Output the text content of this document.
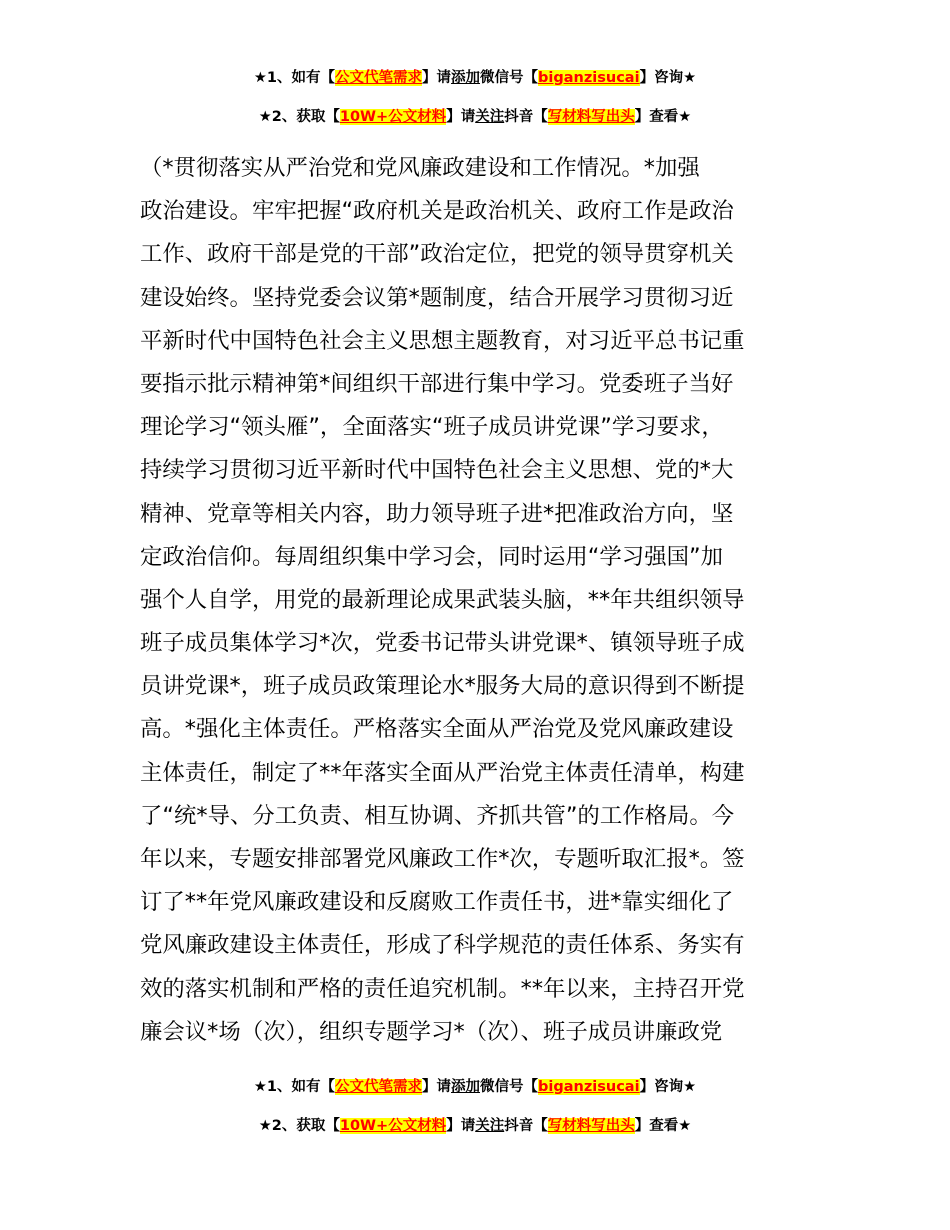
★1、如有【公文代笔需求】请添加微信号【biganzisucai】咨询★
★2、获取【10W+公文材料】请关注抖音【写材料写出头】查看★
（*贯彻落实从严治党和党风廉政建设和工作情况。*加强
政治建设。牢牢把握“政府机关是政治机关、政府工作是政治
工作、政府干部是党的干部”政治定位，把党的领导贯穿机关
建设始终。坚持党委会议第*题制度，结合开展学习贯彻习近
平新时代中国特色社会主义思想主题教育，对习近平总书记重
要指示批示精神第*间组织干部进行集中学习。党委班子当好
理论学习“领头雁”，全面落实“班子成员讲党课”学习要求，
持续学习贯彻习近平新时代中国特色社会主义思想、党的*大
精神、党章等相关内容，助力领导班子进*把准政治方向，坚
定政治信仰。每周组织集中学习会，同时运用“学习强国”加
强个人自学，用党的最新理论成果武装头脑，**年共组织领导
班子成员集体学习*次，党委书记带头讲党课*、镇领导班子成
员讲党课*，班子成员政策理论水*服务大局的意识得到不断提
高。*强化主体责任。严格落实全面从严治党及党风廉政建设
主体责任，制定了**年落实全面从严治党主体责任清单，构建
了“统*导、分工负责、相互协调、齐抓共管”的工作格局。今
年以来，专题安排部署党风廉政工作*次，专题听取汇报*。签
订了**年党风廉政建设和反腐败工作责任书，进*靠实细化了
党风廉政建设主体责任，形成了科学规范的责任体系、务实有
效的落实机制和严格的责任追究机制。**年以来，主持召开党
廉会议*场（次），组织专题学习*（次）、班子成员讲廉政党
★1、如有【公文代笔需求】请添加微信号【biganzisucai】咨询★
★2、获取【10W+公文材料】请关注抖音【写材料写出头】查看★
